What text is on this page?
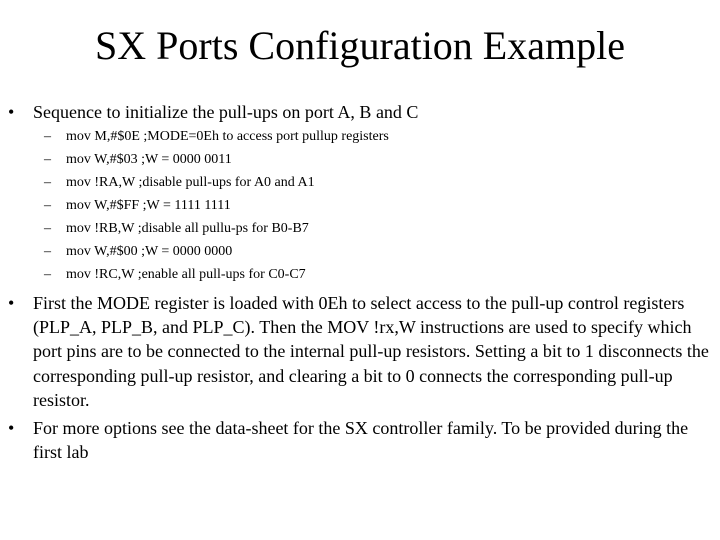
SX Ports Configuration Example
• Sequence to initialize the pull-ups on port A, B and C
– mov M,#$0E ;MODE=0Eh to access port pullup registers
– mov W,#$03 ;W = 0000 0011
– mov !RA,W ;disable pull-ups for A0 and A1
– mov W,#$FF ;W = 1111 1111
– mov !RB,W ;disable all pullu-ps for B0-B7
– mov W,#$00 ;W = 0000 0000
– mov !RC,W ;enable all pull-ups for C0-C7
• First the MODE register is loaded with 0Eh to select access to the pull-up control registers (PLP_A, PLP_B, and PLP_C). Then the MOV !rx,W instructions are used to specify which port pins are to be connected to the internal pull-up resistors. Setting a bit to 1 disconnects the corresponding pull-up resistor, and clearing a bit to 0 connects the corresponding pull-up resistor.
• For more options see the data-sheet for the SX controller family. To be provided during the first lab
